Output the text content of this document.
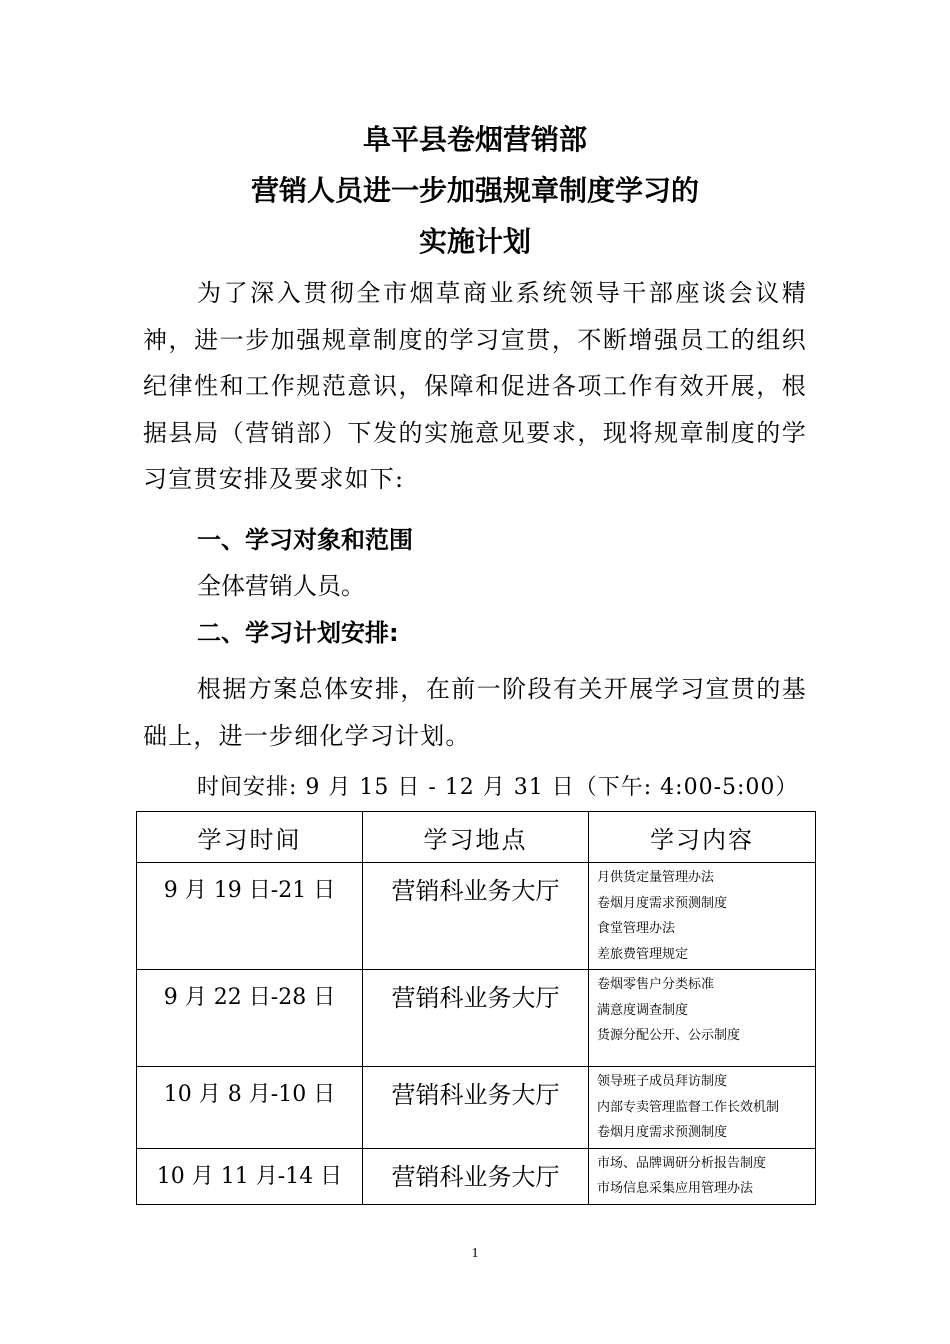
阜平县卷烟营销部
营销人员进一步加强规章制度学习的
实施计划

为了深入贯彻全市烟草商业系统领导干部座谈会议精神，进一步加强规章制度的学习宣贯，不断增强员工的组织纪律性和工作规范意识，保障和促进各项工作有效开展，根据县局（营销部）下发的实施意见要求，现将规章制度的学习宣贯安排及要求如下:

一、学习对象和范围

全体营销人员。

二、学习计划安排:

根据方案总体安排，在前一阶段有关开展学习宣贯的基础上，进一步细化学习计划。

时间安排: 9 月 15 日 - 12 月 31 日（下午: 4:00-5:00）

学习时间	学习地点	学习内容
9 月 19 日-21 日	营销科业务大厅	月供货定量管理办法
卷烟月度需求预测制度
食堂管理办法
差旅费管理规定

9 月 22 日-28 日	营销科业务大厅	卷烟零售户分类标准
满意度调查制度
货源分配公开、公示制度

10 月 8 月-10 日	营销科业务大厅	领导班子成员拜访制度
内部专卖管理监督工作长效机制
卷烟月度需求预测制度

10 月 11 月-14 日	营销科业务大厅	市场、品牌调研分析报告制度
市场信息采集应用管理办法
1
